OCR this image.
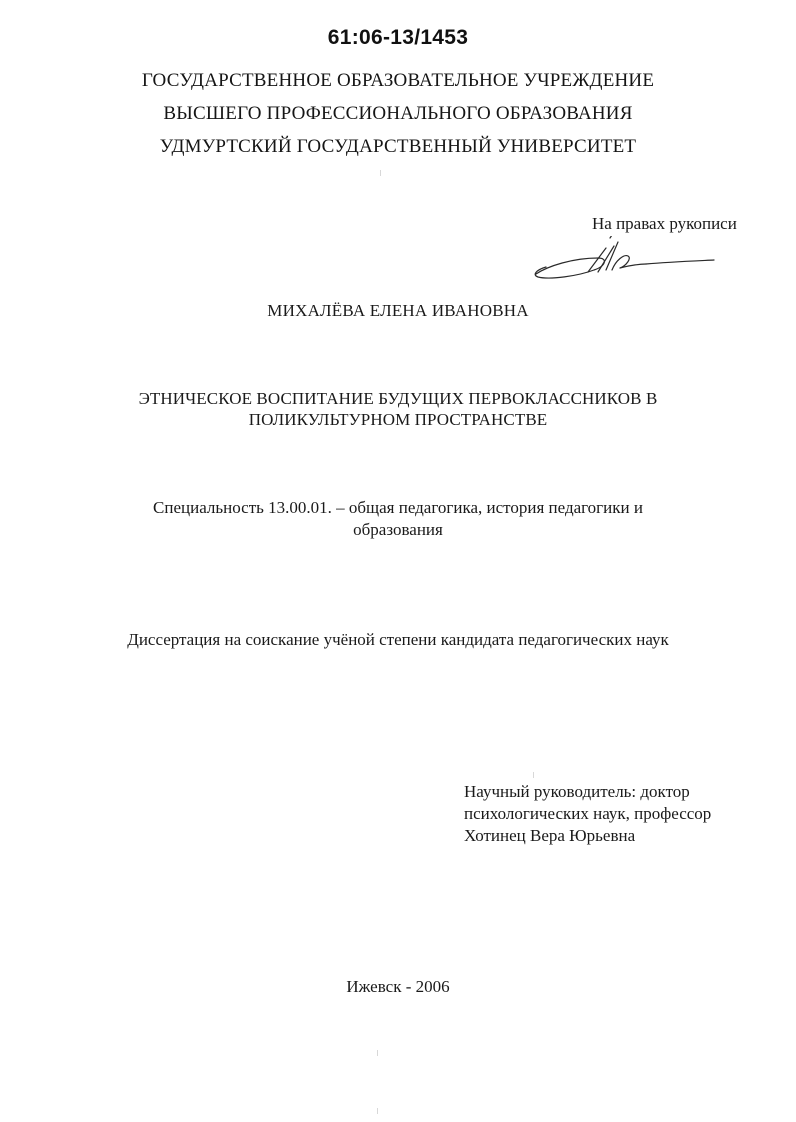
61:06-13/1453
ГОСУДАРСТВЕННОЕ ОБРАЗОВАТЕЛЬНОЕ УЧРЕЖДЕНИЕ
ВЫСШЕГО ПРОФЕССИОНАЛЬНОГО ОБРАЗОВАНИЯ
УДМУРТСКИЙ ГОСУДАРСТВЕННЫЙ УНИВЕРСИТЕТ
На правах рукописи
МИХАЛЁВА ЕЛЕНА ИВАНОВНА
ЭТНИЧЕСКОЕ ВОСПИТАНИЕ БУДУЩИХ ПЕРВОКЛАССНИКОВ В
ПОЛИКУЛЬТУРНОМ ПРОСТРАНСТВЕ
Специальность 13.00.01. – общая педагогика, история педагогики и
образования
Диссертация на соискание учёной степени кандидата педагогических наук
Научный руководитель: доктор
психологических наук, профессор
Хотинец Вера Юрьевна
Ижевск - 2006
